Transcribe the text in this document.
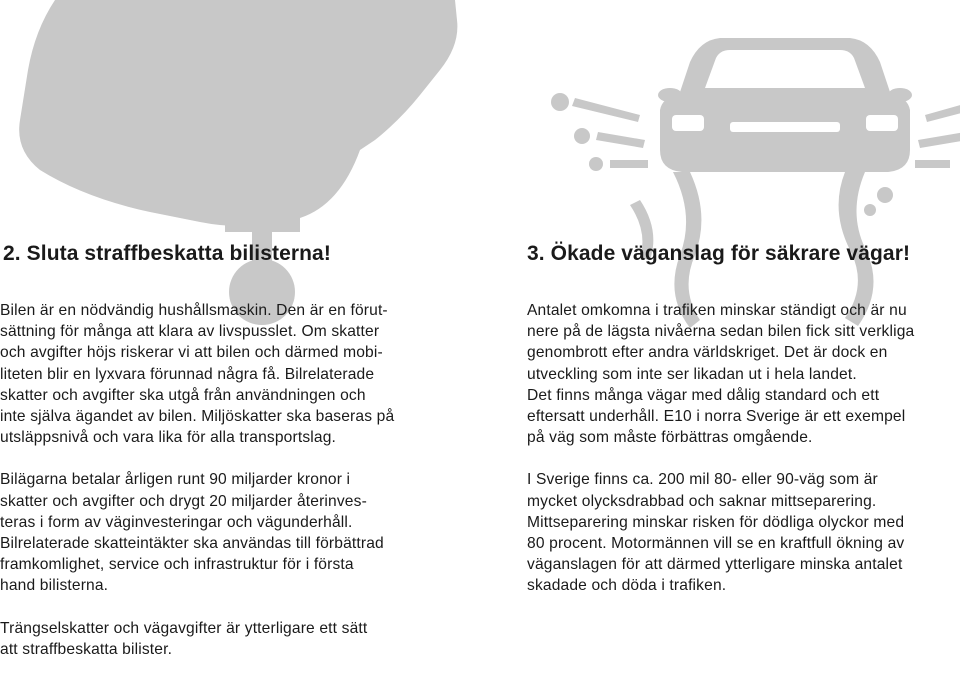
2. Sluta straffbeskatta bilisterna!

Bilen är en nödvändig hushållsmaskin. Den är en förut-
sättning för många att klara av livspusslet. Om skatter
och avgifter höjs riskerar vi att bilen och därmed mobi-
liteten blir en lyxvara förunnad några få. Bilrelaterade
skatter och avgifter ska utgå från användningen och
inte själva ägandet av bilen. Miljöskatter ska baseras på
utsläppsnivå och vara lika för alla transportslag.

Bilägarna betalar årligen runt 90 miljarder kronor i
skatter och avgifter och drygt 20 miljarder återinves-
teras i form av väginvesteringar och vägunderhåll.
Bilrelaterade skatteintäkter ska användas till förbättrad
framkomlighet, service och infrastruktur för i första
hand bilisterna.

Trängselskatter och vägavgifter är ytterligare ett sätt
att straffbeskatta bilister.

3. Ökade väganslag för säkrare vägar!

Antalet omkomna i trafiken minskar ständigt och är nu
nere på de lägsta nivåerna sedan bilen fick sitt verkliga
genombrott efter andra världskriget. Det är dock en
utveckling som inte ser likadan ut i hela landet.
Det finns många vägar med dålig standard och ett
eftersatt underhåll. E10 i norra Sverige är ett exempel
på väg som måste förbättras omgående.

I Sverige finns ca. 200 mil 80- eller 90-väg som är
mycket olycksdrabbad och saknar mittseparering.
Mittseparering minskar risken för dödliga olyckor med
80 procent. Motormännen vill se en kraftfull ökning av
väganslagen för att därmed ytterligare minska antalet
skadade och döda i trafiken.
